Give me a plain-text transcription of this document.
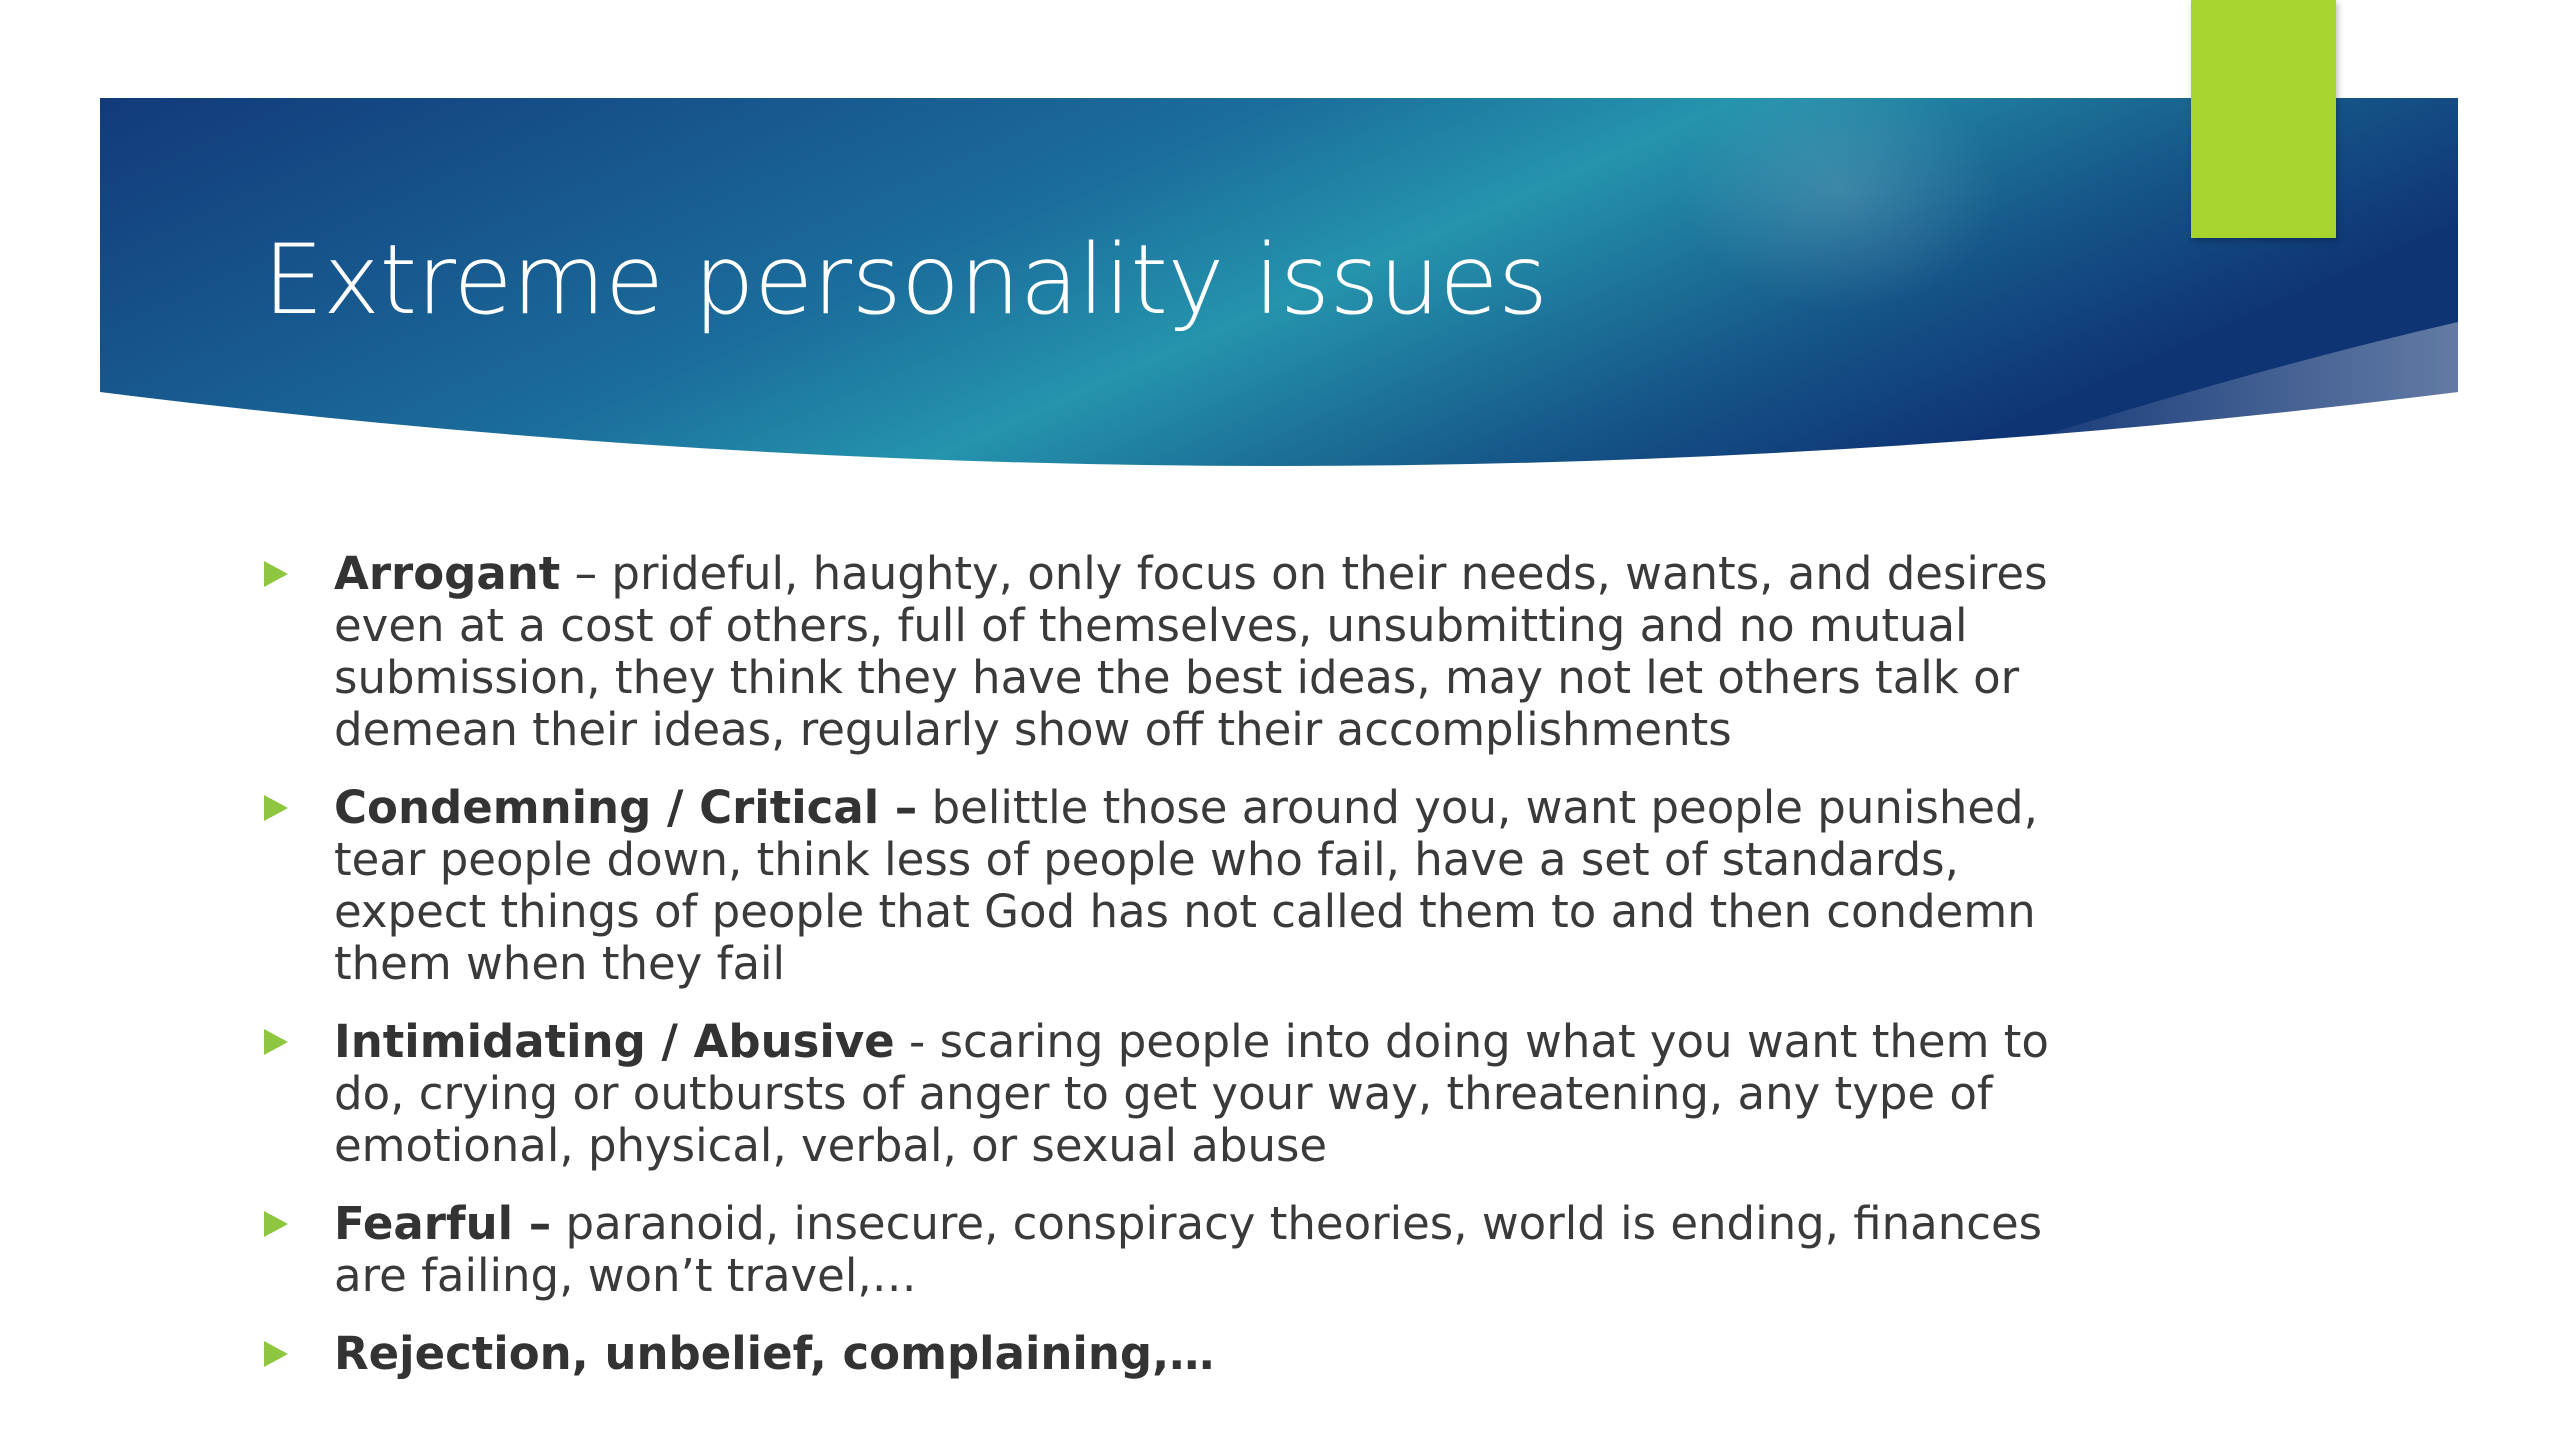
Extreme personality issues
Arrogant – prideful, haughty, only focus on their needs, wants, and desires even at a cost of others, full of themselves, unsubmitting and no mutual submission, they think they have the best ideas, may not let others talk or demean their ideas, regularly show off their accomplishments
Condemning / Critical – belittle those around you, want people punished, tear people down, think less of people who fail, have a set of standards, expect things of people that God has not called them to and then condemn them when they fail
Intimidating / Abusive - scaring people into doing what you want them to do, crying or outbursts of anger to get your way, threatening, any type of emotional, physical, verbal, or sexual abuse
Fearful – paranoid, insecure, conspiracy theories, world is ending, finances are failing, won’t travel,…
Rejection, unbelief, complaining,…
